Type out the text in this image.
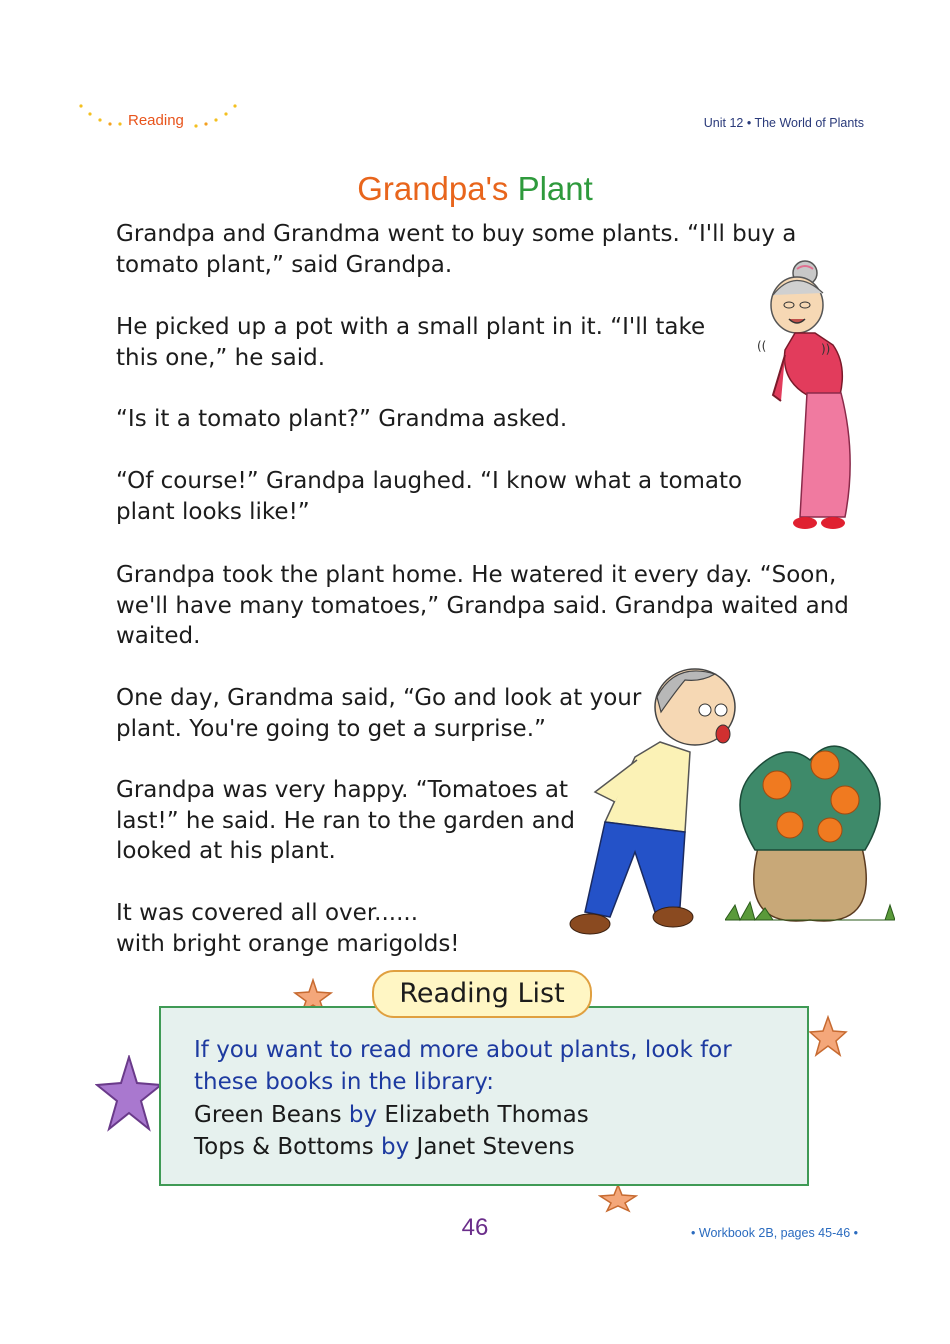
Reading	Unit 12 • The World of Plants
Grandpa's Plant
Grandpa and Grandma went to buy some plants. “I'll buy a
tomato plant,” said Grandpa.
He picked up a pot with a small plant in it. “I'll take
this one,” he said.
“Is it a tomato plant?” Grandma asked.
“Of course!” Grandpa laughed. “I know what a tomato
plant looks like!”
Grandpa took the plant home. He watered it every day. “Soon,
we'll have many tomatoes,” Grandpa said. Grandpa waited and
waited.
One day, Grandma said, “Go and look at your
plant. You're going to get a surprise.”
Grandpa was very happy. “Tomatoes at
last!” he said. He ran to the garden and
looked at his plant.
It was covered all over......
with bright orange marigolds!
((	))
Reading List
If you want to read more about plants, look for
these books in the library:
Green Beans by Elizabeth Thomas
Tops & Bottoms by Janet Stevens
46	• Workbook 2B, pages 45-46 •
